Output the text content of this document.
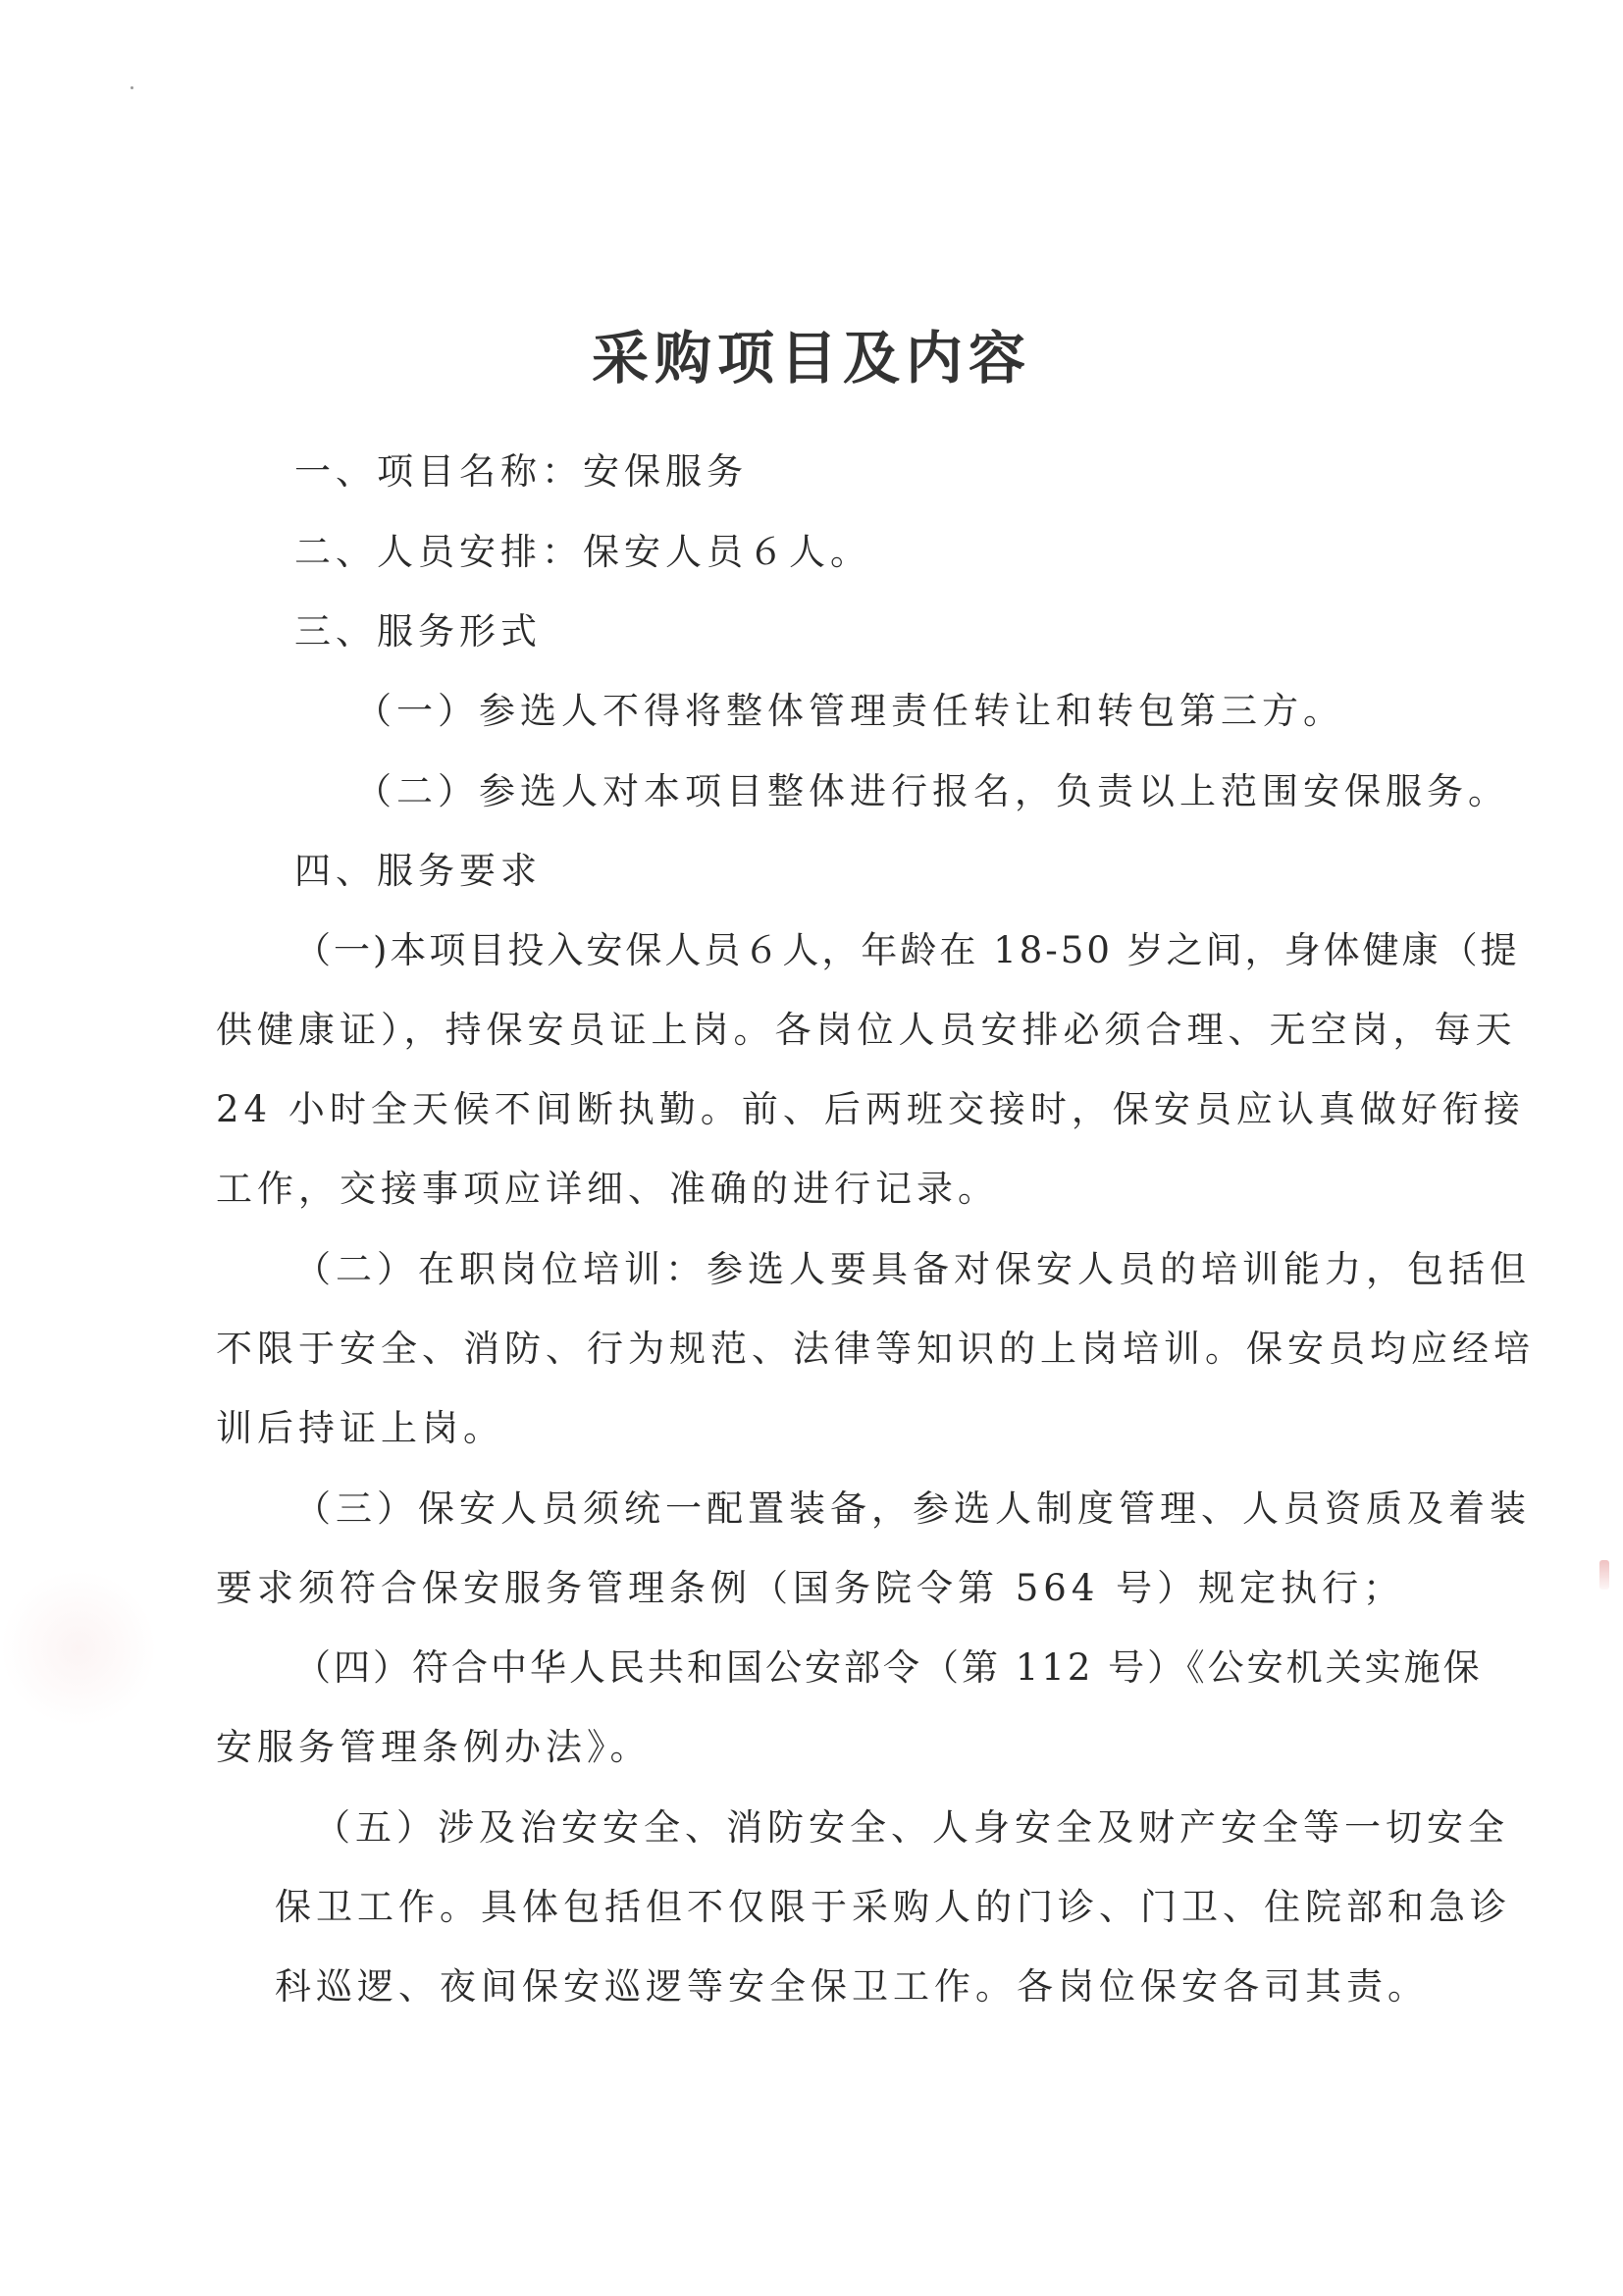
采购项目及内容
一、项目名称：安保服务
二、人员安排：保安人员６人。
三、服务形式
（一）参选人不得将整体管理责任转让和转包第三方。
（二）参选人对本项目整体进行报名，负责以上范围安保服务。
四、服务要求
（一)本项目投入安保人员６人，年龄在 18-50 岁之间，身体健康（提
供健康证），持保安员证上岗。各岗位人员安排必须合理、无空岗，每天
24 小时全天候不间断执勤。前、后两班交接时，保安员应认真做好衔接
工作，交接事项应详细、准确的进行记录。
（二）在职岗位培训：参选人要具备对保安人员的培训能力，包括但
不限于安全、消防、行为规范、法律等知识的上岗培训。保安员均应经培
训后持证上岗。
（三）保安人员须统一配置装备，参选人制度管理、人员资质及着装
要求须符合保安服务管理条例（国务院令第 564 号）规定执行；
（四）符合中华人民共和国公安部令（第 112 号）《公安机关实施保
安服务管理条例办法》。
（五）涉及治安安全、消防安全、人身安全及财产安全等一切安全
保卫工作。具体包括但不仅限于采购人的门诊、门卫、住院部和急诊
科巡逻、夜间保安巡逻等安全保卫工作。各岗位保安各司其责。
